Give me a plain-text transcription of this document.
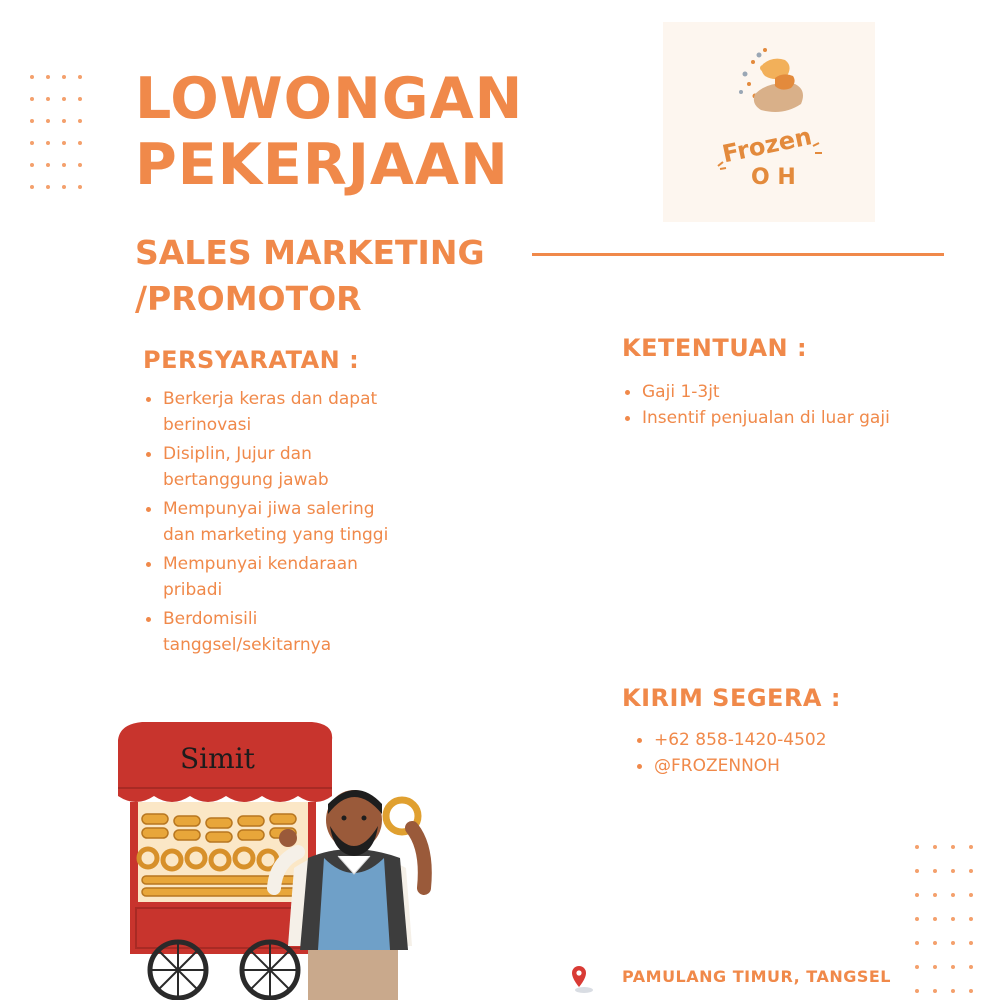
LOWONGAN
PEKERJAAN	Frozen
O H
SALES MARKETING
/PROMOTOR
PERSYARATAN :
Berkerja keras dan dapat
berinovasi
Disiplin, Jujur dan
bertanggung jawab
Mempunyai jiwa salering
dan marketing yang tinggi
Mempunyai kendaraan
pribadi
Berdomisili
tanggsel/sekitarnya
KETENTUAN :
Gaji 1-3jt
Insentif penjualan di luar gaji
KIRIM SEGERA :
+62 858-1420-4502
@FROZENNOH
Simit

PAMULANG TIMUR, TANGSEL
